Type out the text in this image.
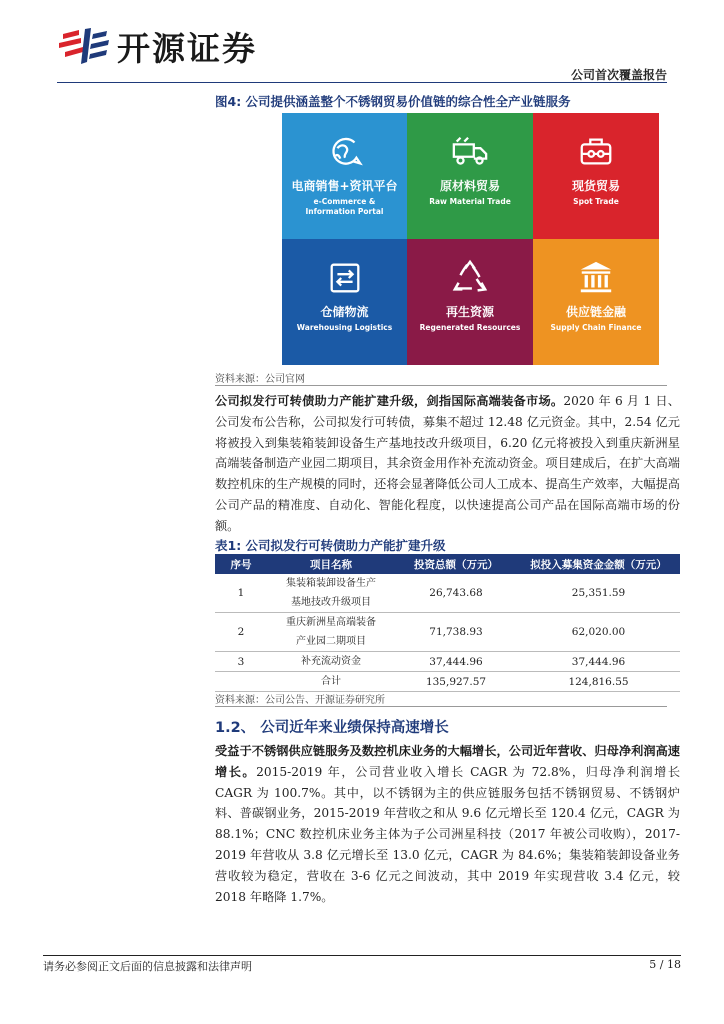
开源证券
公司首次覆盖报告
图4: 公司提供涵盖整个不锈钢贸易价值链的综合性全产业链服务
电商销售+资讯平台
e-Commerce &
Information Portal
原材料贸易
Raw Material Trade
现货贸易
Spot Trade
仓储物流
Warehousing Logistics
再生资源
Regenerated Resources
供应链金融
Supply Chain Finance
资料来源：公司官网
公司拟发行可转债助力产能扩建升级，剑指国际高端装备市场。2020 年 6 月 1 日、公司发布公告称，公司拟发行可转债，募集不超过 12.48 亿元资金。其中，2.54 亿元将被投入到集装箱装卸设备生产基地技改升级项目，6.20 亿元将被投入到重庆新洲星高端装备制造产业园二期项目，其余资金用作补充流动资金。项目建成后，在扩大高端数控机床的生产规模的同时，还将会显著降低公司人工成本、提高生产效率，大幅提高公司产品的精准度、自动化、智能化程度，以快速提高公司产品在国际高端市场的份额。
表1: 公司拟发行可转债助力产能扩建升级
序号	项目名称	投资总额（万元）	拟投入募集资金金额（万元）
1	集装箱装卸设备生产
基地技改升级项目	26,743.68	25,351.59
2	重庆新洲星高端装备
产业园二期项目	71,738.93	62,020.00
3	补充流动资金	37,444.96	37,444.96
	合计	135,927.57	124,816.55
资料来源：公司公告、开源证券研究所
1.2、 公司近年来业绩保持高速增长
受益于不锈钢供应链服务及数控机床业务的大幅增长，公司近年营收、归母净利润高速增长。2015-2019 年，公司营业收入增长 CAGR 为 72.8%，归母净利润增长 CAGR 为 100.7%。其中，以不锈钢为主的供应链服务包括不锈钢贸易、不锈钢炉料、普碳钢业务，2015-2019 年营收之和从 9.6 亿元增长至 120.4 亿元，CAGR 为 88.1%；CNC 数控机床业务主体为子公司洲星科技（2017 年被公司收购），2017-2019 年营收从 3.8 亿元增长至 13.0 亿元，CAGR 为 84.6%；集装箱装卸设备业务营收较为稳定，营收在 3-6 亿元之间波动，其中 2019 年实现营收 3.4 亿元，较 2018 年略降 1.7%。
请务必参阅正文后面的信息披露和法律声明	5 / 18
